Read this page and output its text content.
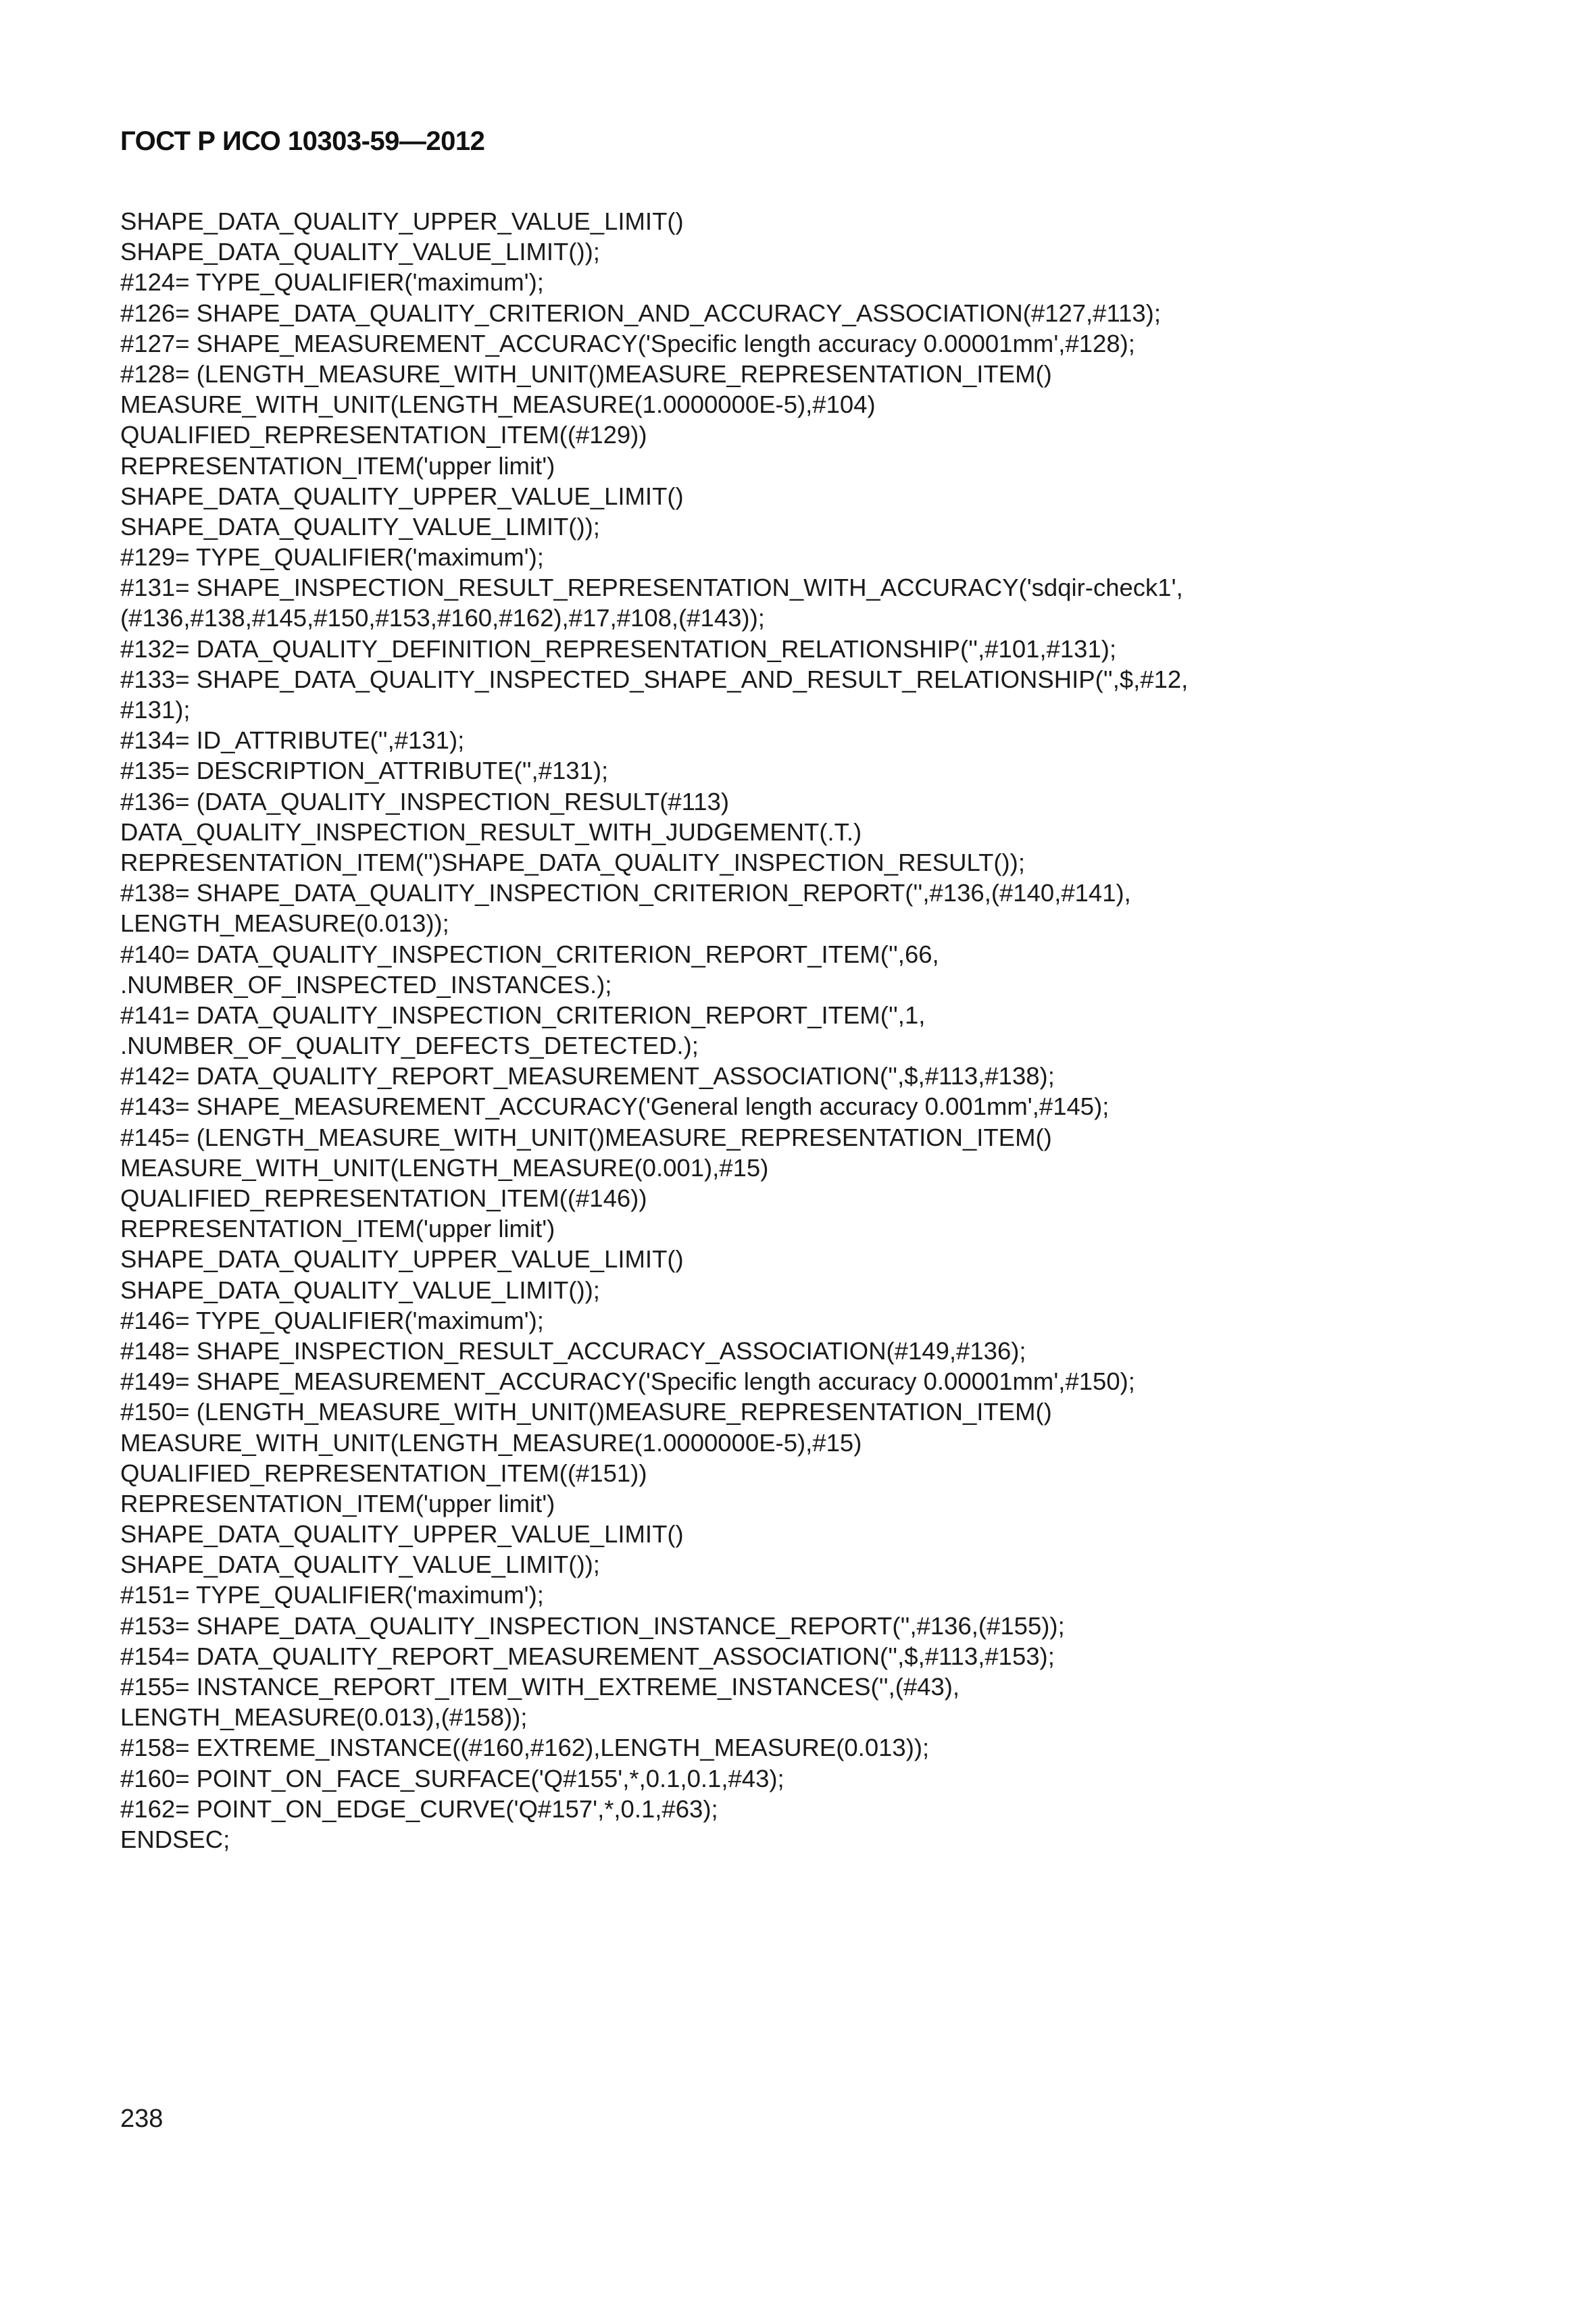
ГОСТ Р ИСО 10303-59—2012
SHAPE_DATA_QUALITY_UPPER_VALUE_LIMIT()
SHAPE_DATA_QUALITY_VALUE_LIMIT());
#124= TYPE_QUALIFIER('maximum');
#126= SHAPE_DATA_QUALITY_CRITERION_AND_ACCURACY_ASSOCIATION(#127,#113);
#127= SHAPE_MEASUREMENT_ACCURACY('Specific length accuracy 0.00001mm',#128);
#128= (LENGTH_MEASURE_WITH_UNIT()MEASURE_REPRESENTATION_ITEM()
MEASURE_WITH_UNIT(LENGTH_MEASURE(1.0000000E-5),#104)
QUALIFIED_REPRESENTATION_ITEM((#129))
REPRESENTATION_ITEM('upper limit')
SHAPE_DATA_QUALITY_UPPER_VALUE_LIMIT()
SHAPE_DATA_QUALITY_VALUE_LIMIT());
#129= TYPE_QUALIFIER('maximum');
#131= SHAPE_INSPECTION_RESULT_REPRESENTATION_WITH_ACCURACY('sdqir-check1',
(#136,#138,#145,#150,#153,#160,#162),#17,#108,(#143));
#132= DATA_QUALITY_DEFINITION_REPRESENTATION_RELATIONSHIP('',#101,#131);
#133= SHAPE_DATA_QUALITY_INSPECTED_SHAPE_AND_RESULT_RELATIONSHIP('',$,#12,
#131);
#134= ID_ATTRIBUTE('',#131);
#135= DESCRIPTION_ATTRIBUTE('',#131);
#136= (DATA_QUALITY_INSPECTION_RESULT(#113)
DATA_QUALITY_INSPECTION_RESULT_WITH_JUDGEMENT(.T.)
REPRESENTATION_ITEM('')SHAPE_DATA_QUALITY_INSPECTION_RESULT());
#138= SHAPE_DATA_QUALITY_INSPECTION_CRITERION_REPORT('',#136,(#140,#141),
LENGTH_MEASURE(0.013));
#140= DATA_QUALITY_INSPECTION_CRITERION_REPORT_ITEM('',66,
.NUMBER_OF_INSPECTED_INSTANCES.);
#141= DATA_QUALITY_INSPECTION_CRITERION_REPORT_ITEM('',1,
.NUMBER_OF_QUALITY_DEFECTS_DETECTED.);
#142= DATA_QUALITY_REPORT_MEASUREMENT_ASSOCIATION('',$,#113,#138);
#143= SHAPE_MEASUREMENT_ACCURACY('General length accuracy 0.001mm',#145);
#145= (LENGTH_MEASURE_WITH_UNIT()MEASURE_REPRESENTATION_ITEM()
MEASURE_WITH_UNIT(LENGTH_MEASURE(0.001),#15)
QUALIFIED_REPRESENTATION_ITEM((#146))
REPRESENTATION_ITEM('upper limit')
SHAPE_DATA_QUALITY_UPPER_VALUE_LIMIT()
SHAPE_DATA_QUALITY_VALUE_LIMIT());
#146= TYPE_QUALIFIER('maximum');
#148= SHAPE_INSPECTION_RESULT_ACCURACY_ASSOCIATION(#149,#136);
#149= SHAPE_MEASUREMENT_ACCURACY('Specific length accuracy 0.00001mm',#150);
#150= (LENGTH_MEASURE_WITH_UNIT()MEASURE_REPRESENTATION_ITEM()
MEASURE_WITH_UNIT(LENGTH_MEASURE(1.0000000E-5),#15)
QUALIFIED_REPRESENTATION_ITEM((#151))
REPRESENTATION_ITEM('upper limit')
SHAPE_DATA_QUALITY_UPPER_VALUE_LIMIT()
SHAPE_DATA_QUALITY_VALUE_LIMIT());
#151= TYPE_QUALIFIER('maximum');
#153= SHAPE_DATA_QUALITY_INSPECTION_INSTANCE_REPORT('',#136,(#155));
#154= DATA_QUALITY_REPORT_MEASUREMENT_ASSOCIATION('',$,#113,#153);
#155= INSTANCE_REPORT_ITEM_WITH_EXTREME_INSTANCES('',(#43),
LENGTH_MEASURE(0.013),(#158));
#158= EXTREME_INSTANCE((#160,#162),LENGTH_MEASURE(0.013));
#160= POINT_ON_FACE_SURFACE('Q#155',*,0.1,0.1,#43);
#162= POINT_ON_EDGE_CURVE('Q#157',*,0.1,#63);
ENDSEC;
238
